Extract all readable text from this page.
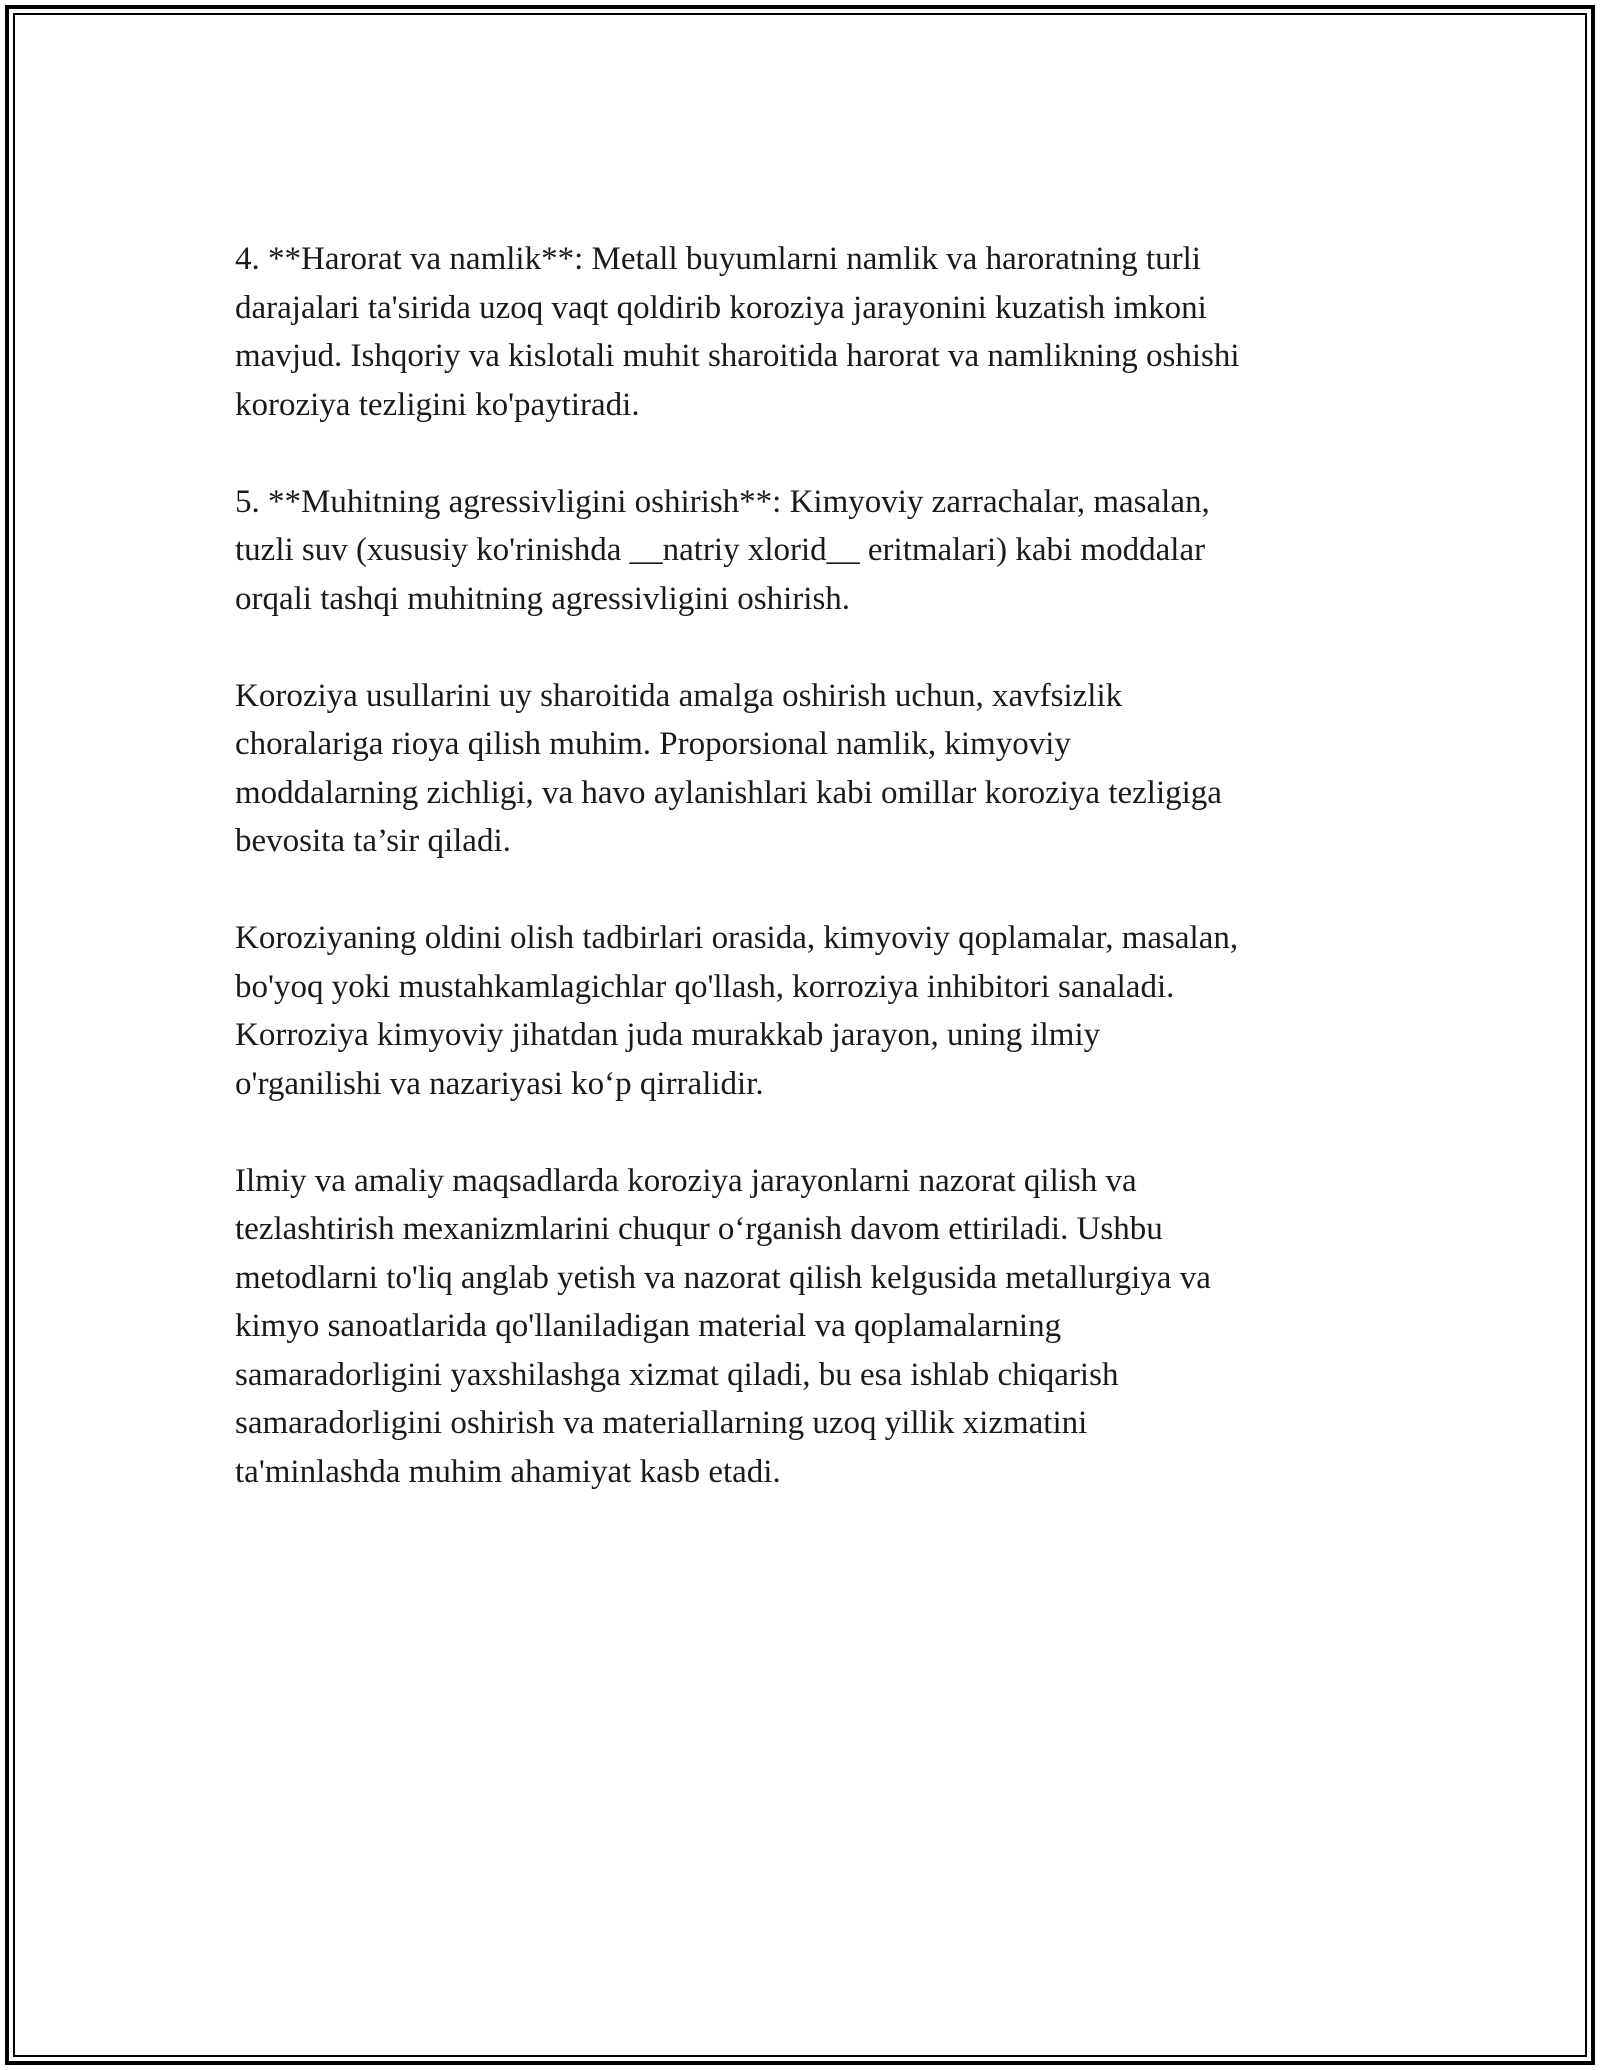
4. **Harorat va namlik**: Metall buyumlarni namlik va haroratning turli
darajalari ta'sirida uzoq vaqt qoldirib koroziya jarayonini kuzatish imkoni
mavjud. Ishqoriy va kislotali muhit sharoitida harorat va namlikning oshishi
koroziya tezligini ko'paytiradi.

5. **Muhitning agressivligini oshirish**: Kimyoviy zarrachalar, masalan,
tuzli suv (xususiy ko'rinishda __natriy xlorid__ eritmalari) kabi moddalar
orqali tashqi muhitning agressivligini oshirish.

Koroziya usullarini uy sharoitida amalga oshirish uchun, xavfsizlik
choralariga rioya qilish muhim. Proporsional namlik, kimyoviy
moddalarning zichligi, va havo aylanishlari kabi omillar koroziya tezligiga
bevosita ta’sir qiladi.

Koroziyaning oldini olish tadbirlari orasida, kimyoviy qoplamalar, masalan,
bo'yoq yoki mustahkamlagichlar qo'llash, korroziya inhibitori sanaladi.
Korroziya kimyoviy jihatdan juda murakkab jarayon, uning ilmiy
o'rganilishi va nazariyasi ko‘p qirralidir.

Ilmiy va amaliy maqsadlarda koroziya jarayonlarni nazorat qilish va
tezlashtirish mexanizmlarini chuqur o‘rganish davom ettiriladi. Ushbu
metodlarni to'liq anglab yetish va nazorat qilish kelgusida metallurgiya va
kimyo sanoatlarida qo'llaniladigan material va qoplamalarning
samaradorligini yaxshilashga xizmat qiladi, bu esa ishlab chiqarish
samaradorligini oshirish va materiallarning uzoq yillik xizmatini
ta'minlashda muhim ahamiyat kasb etadi.
